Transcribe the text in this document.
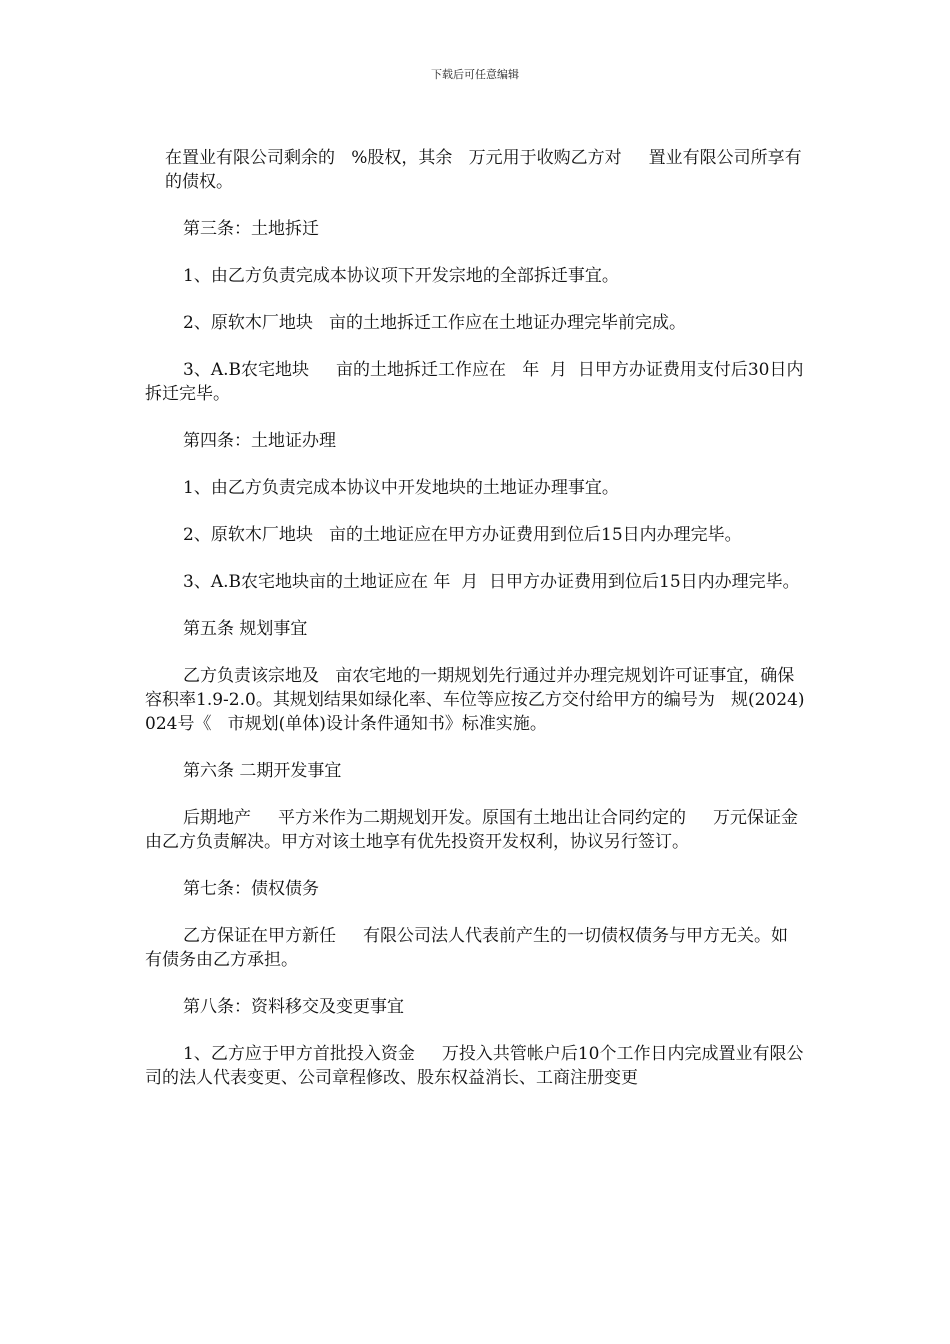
下载后可任意编辑

在置业有限公司剩余的   %股权，其余   万元用于收购乙方对     置业有限公司所享有的债权。

第三条：土地拆迁

1、由乙方负责完成本协议项下开发宗地的全部拆迁事宜。

2、原软木厂地块   亩的土地拆迁工作应在土地证办理完毕前完成。

3、A.B农宅地块     亩的土地拆迁工作应在   年  月  日甲方办证费用支付后30日内拆迁完毕。

第四条：土地证办理

1、由乙方负责完成本协议中开发地块的土地证办理事宜。

2、原软木厂地块   亩的土地证应在甲方办证费用到位后15日内办理完毕。

3、A.B农宅地块亩的土地证应在 年  月  日甲方办证费用到位后15日内办理完毕。

第五条 规划事宜

乙方负责该宗地及   亩农宅地的一期规划先行通过并办理完规划许可证事宜，确保容积率1.9-2.0。其规划结果如绿化率、车位等应按乙方交付给甲方的编号为   规(2024)024号《   市规划(单体)设计条件通知书》标准实施。

第六条 二期开发事宜

后期地产     平方米作为二期规划开发。原国有土地出让合同约定的     万元保证金由乙方负责解决。甲方对该土地享有优先投资开发权利，协议另行签订。

第七条：债权债务

乙方保证在甲方新任     有限公司法人代表前产生的一切债权债务与甲方无关。如有债务由乙方承担。

第八条：资料移交及变更事宜

1、乙方应于甲方首批投入资金     万投入共管帐户后10个工作日内完成置业有限公司的法人代表变更、公司章程修改、股东权益消长、工商注册变更
